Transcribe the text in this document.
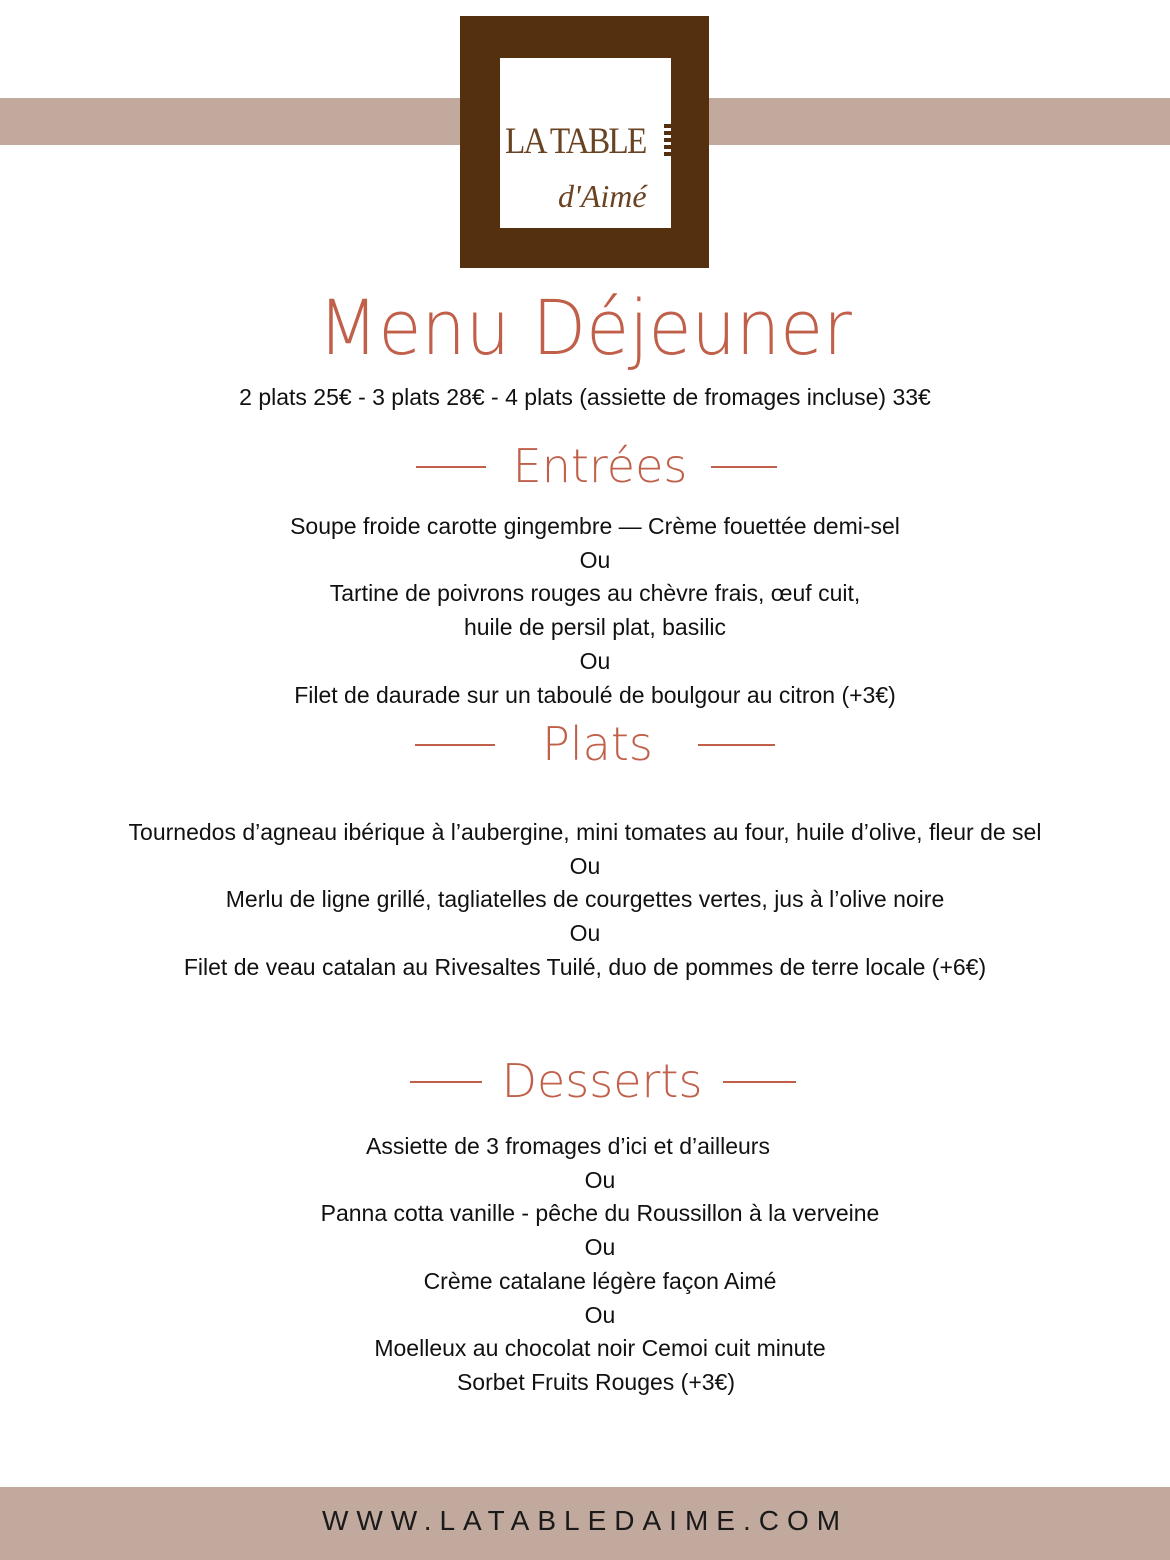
LA TABLE
d'Aimé
Menu Déjeuner
2 plats 25€ - 3 plats 28€ - 4 plats (assiette de fromages incluse) 33€
Entrées
Soupe froide carotte gingembre — Crème fouettée demi-sel
Ou
Tartine de poivrons rouges au chèvre frais, œuf cuit,
huile de persil plat, basilic
Ou
Filet de daurade sur un taboulé de boulgour au citron (+3€)
Plats
Tournedos d’agneau ibérique à l’aubergine, mini tomates au four, huile d’olive, fleur de sel
Ou
Merlu de ligne grillé, tagliatelles de courgettes vertes, jus à l’olive noire
Ou
Filet de veau catalan au Rivesaltes Tuilé, duo de pommes de terre locale (+6€)
Desserts
Assiette de 3 fromages d’ici et d’ailleurs
Ou
Panna cotta vanille - pêche du Roussillon à la verveine
Ou
Crème catalane légère façon Aimé
Ou
Moelleux au chocolat noir Cemoi cuit minute
Sorbet Fruits Rouges (+3€)
WWW.LATABLEDAIME.COM
